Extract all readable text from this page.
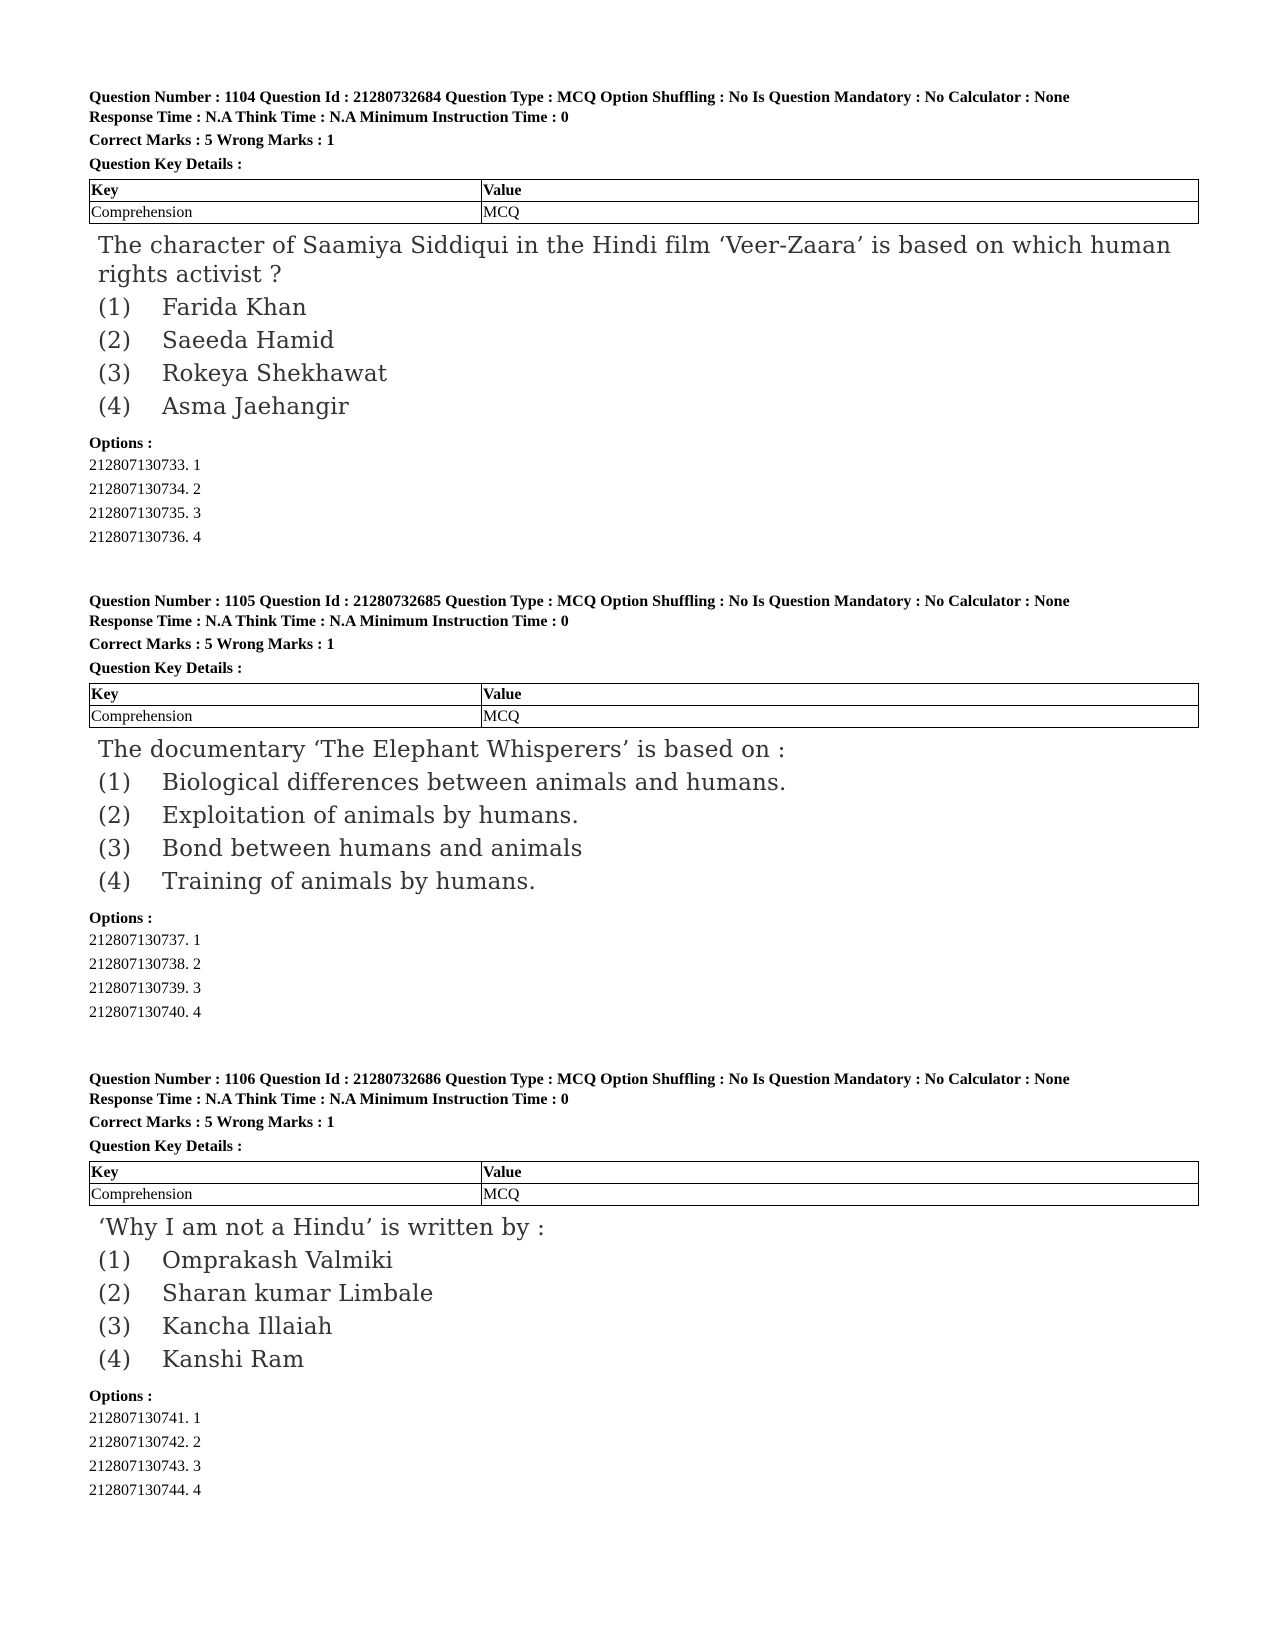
Question Number : 1104 Question Id : 21280732684 Question Type : MCQ Option Shuffling : No Is Question Mandatory : No Calculator : None
Response Time : N.A Think Time : N.A Minimum Instruction Time : 0
Correct Marks : 5 Wrong Marks : 1
Question Key Details :
Key	Value
Comprehension	MCQ
The character of Saamiya Siddiqui in the Hindi film ‘Veer-Zaara’ is based on which human rights activist ?
(1)	Farida Khan
(2)	Saeeda Hamid
(3)	Rokeya Shekhawat
(4)	Asma Jaehangir
Options :
212807130733. 1
212807130734. 2
212807130735. 3
212807130736. 4
Question Number : 1105 Question Id : 21280732685 Question Type : MCQ Option Shuffling : No Is Question Mandatory : No Calculator : None
Response Time : N.A Think Time : N.A Minimum Instruction Time : 0
Correct Marks : 5 Wrong Marks : 1
Question Key Details :
Key	Value
Comprehension	MCQ
The documentary ‘The Elephant Whisperers’ is based on :
(1)	Biological differences between animals and humans.
(2)	Exploitation of animals by humans.
(3)	Bond between humans and animals
(4)	Training of animals by humans.
Options :
212807130737. 1
212807130738. 2
212807130739. 3
212807130740. 4
Question Number : 1106 Question Id : 21280732686 Question Type : MCQ Option Shuffling : No Is Question Mandatory : No Calculator : None
Response Time : N.A Think Time : N.A Minimum Instruction Time : 0
Correct Marks : 5 Wrong Marks : 1
Question Key Details :
Key	Value
Comprehension	MCQ
‘Why I am not a Hindu’ is written by :
(1)	Omprakash Valmiki
(2)	Sharan kumar Limbale
(3)	Kancha Illaiah
(4)	Kanshi Ram
Options :
212807130741. 1
212807130742. 2
212807130743. 3
212807130744. 4
